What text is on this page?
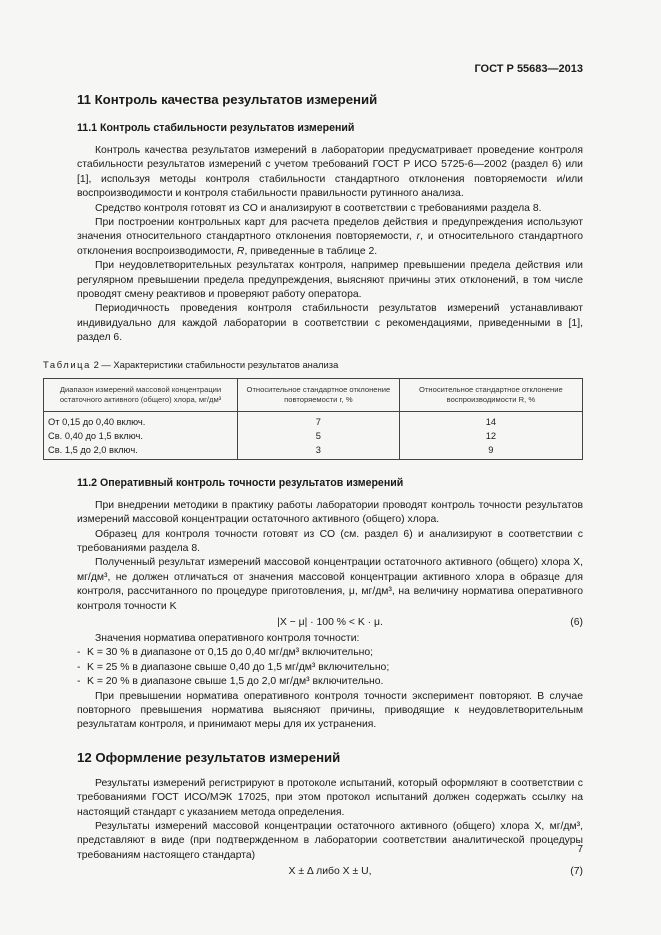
ГОСТ Р 55683—2013
11 Контроль качества результатов измерений
11.1 Контроль стабильности результатов измерений
Контроль качества результатов измерений в лаборатории предусматривает проведение контроля стабильности результатов измерений с учетом требований ГОСТ Р ИСО 5725-6—2002 (раздел 6) или [1], используя методы контроля стабильности стандартного отклонения повторяемости и/или воспроизводимости и контроля стабильности правильности рутинного анализа.
Средство контроля готовят из СО и анализируют в соответствии с требованиями раздела 8.
При построении контрольных карт для расчета пределов действия и предупреждения используют значения относительного стандартного отклонения повторяемости, r, и относительного стандартного отклонения воспроизводимости, R, приведенные в таблице 2.
При неудовлетворительных результатах контроля, например превышении предела действия или регулярном превышении предела предупреждения, выясняют причины этих отклонений, в том числе проводят смену реактивов и проверяют работу оператора.
Периодичность проведения контроля стабильности результатов измерений устанавливают индивидуально для каждой лаборатории в соответствии с рекомендациями, приведенными в [1], раздел 6.
Таблица 2 — Характеристики стабильности результатов анализа
Диапазон измерений массовой концентрации остаточного активного (общего) хлора, мг/дм³	Относительное стандартное отклонение повторяемости r, %	Относительное стандартное отклонение воспроизводимости R, %
От 0,15 до 0,40 включ.	7	14
Св. 0,40 до 1,5 включ.	5	12
Св. 1,5 до 2,0 включ.	3	9
11.2 Оперативный контроль точности результатов измерений
При внедрении методики в практику работы лаборатории проводят контроль точности результатов измерений массовой концентрации остаточного активного (общего) хлора.
Образец для контроля точности готовят из СО (см. раздел 6) и анализируют в соответствии с требованиями раздела 8.
Полученный результат измерений массовой концентрации остаточного активного (общего) хлора X, мг/дм³, не должен отличаться от значения массовой концентрации активного хлора в образце для контроля, рассчитанного по процедуре приготовления, μ, мг/дм³, на величину норматива оперативного контроля точности K
|X − μ| · 100 % < K · μ.	(6)
Значения норматива оперативного контроля точности:
- K = 30 % в диапазоне от 0,15 до 0,40 мг/дм³ включительно;
- K = 25 % в диапазоне свыше 0,40 до 1,5 мг/дм³ включительно;
- K = 20 % в диапазоне свыше 1,5 до 2,0 мг/дм³ включительно.
При превышении норматива оперативного контроля точности эксперимент повторяют. В случае повторного превышения норматива выясняют причины, приводящие к неудовлетворительным результатам контроля, и принимают меры для их устранения.
12 Оформление результатов измерений
Результаты измерений регистрируют в протоколе испытаний, который оформляют в соответствии с требованиями ГОСТ ИСО/МЭК 17025, при этом протокол испытаний должен содержать ссылку на настоящий стандарт с указанием метода определения.
Результаты измерений массовой концентрации остаточного активного (общего) хлора X, мг/дм³, представляют в виде (при подтвержденном в лаборатории соответствии аналитической процедуры требованиям настоящего стандарта)
X ± Δ либо X ± U,	(7)
7
